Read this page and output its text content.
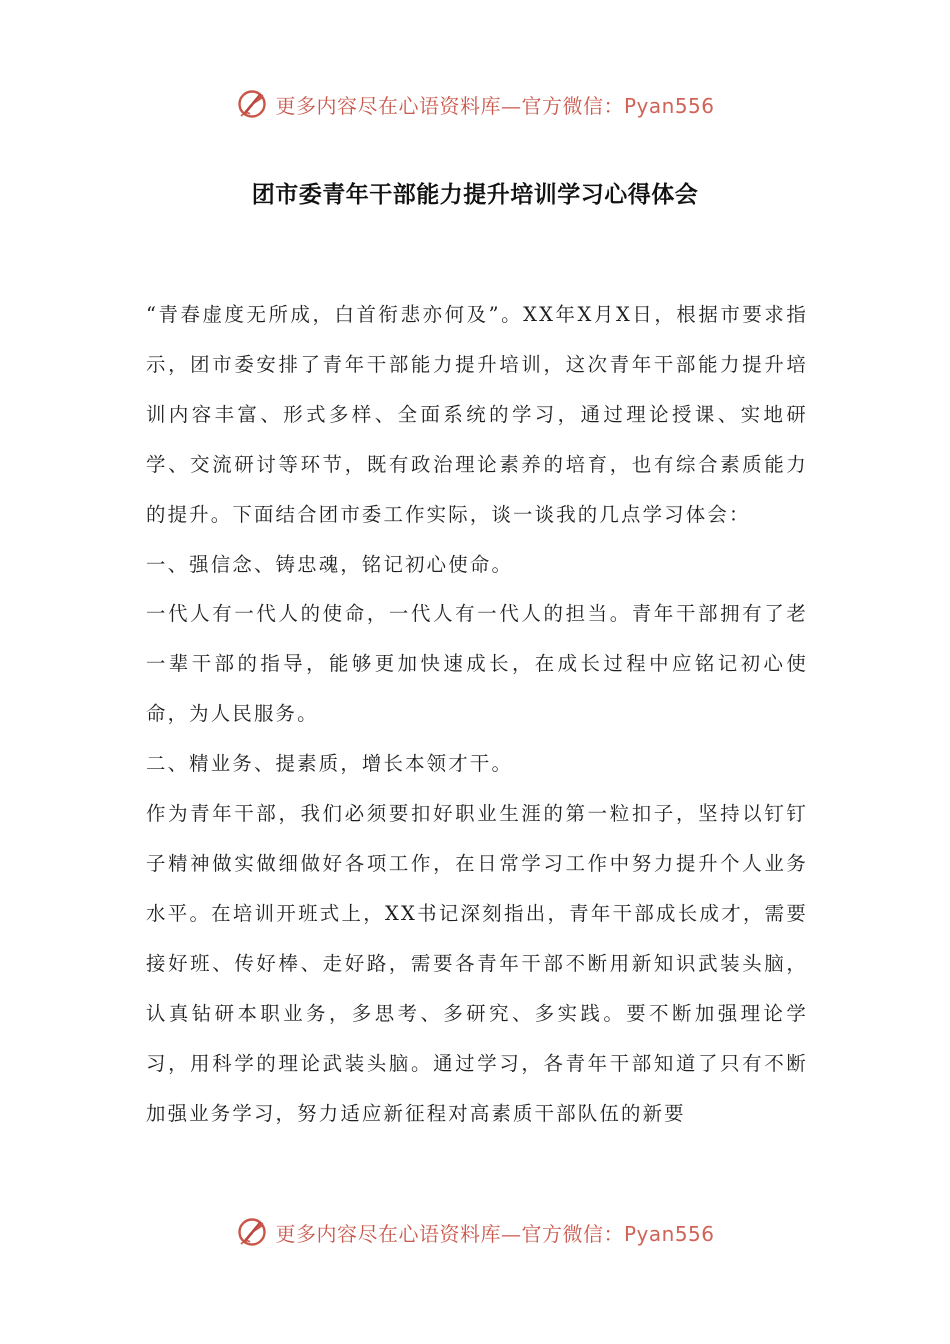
更多内容尽在心语资料库—官方微信：Pyan556
团市委青年干部能力提升培训学习心得体会

“青春虚度无所成，白首衔悲亦何及”。XX年X月X日，根据市要求指示，团市委安排了青年干部能力提升培训，这次青年干部能力提升培训内容丰富、形式多样、全面系统的学习，通过理论授课、实地研学、交流研讨等环节，既有政治理论素养的培育，也有综合素质能力的提升。下面结合团市委工作实际，谈一谈我的几点学习体会：

一、强信念、铸忠魂，铭记初心使命。

一代人有一代人的使命，一代人有一代人的担当。青年干部拥有了老一辈干部的指导，能够更加快速成长，在成长过程中应铭记初心使命，为人民服务。

二、精业务、提素质，增长本领才干。

作为青年干部，我们必须要扣好职业生涯的第一粒扣子，坚持以钉钉子精神做实做细做好各项工作，在日常学习工作中努力提升个人业务水平。在培训开班式上，XX书记深刻指出，青年干部成长成才，需要接好班、传好棒、走好路，需要各青年干部不断用新知识武装头脑，认真钻研本职业务，多思考、多研究、多实践。要不断加强理论学习，用科学的理论武装头脑。通过学习，各青年干部知道了只有不断加强业务学习，努力适应新征程对高素质干部队伍的新要

更多内容尽在心语资料库—官方微信：Pyan556
